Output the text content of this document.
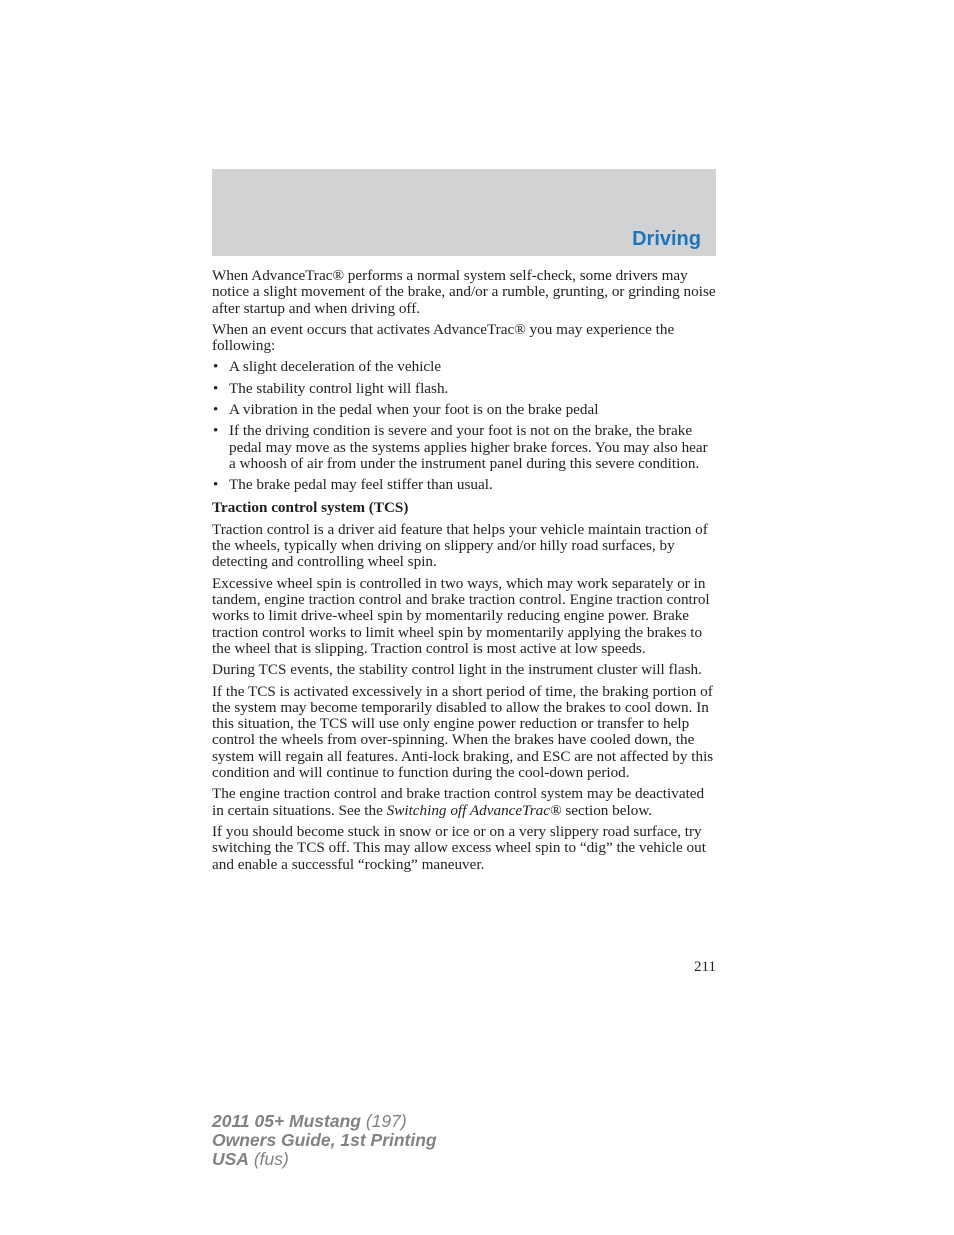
Driving

When AdvanceTrac® performs a normal system self-check, some drivers may notice a slight movement of the brake, and/or a rumble, grunting, or grinding noise after startup and when driving off.

When an event occurs that activates AdvanceTrac® you may experience the following:

• A slight deceleration of the vehicle
• The stability control light will flash.
• A vibration in the pedal when your foot is on the brake pedal
• If the driving condition is severe and your foot is not on the brake, the brake pedal may move as the systems applies higher brake forces. You may also hear a whoosh of air from under the instrument panel during this severe condition.
• The brake pedal may feel stiffer than usual.
Traction control system (TCS)

Traction control is a driver aid feature that helps your vehicle maintain traction of the wheels, typically when driving on slippery and/or hilly road surfaces, by detecting and controlling wheel spin.

Excessive wheel spin is controlled in two ways, which may work separately or in tandem, engine traction control and brake traction control. Engine traction control works to limit drive-wheel spin by momentarily reducing engine power. Brake traction control works to limit wheel spin by momentarily applying the brakes to the wheel that is slipping. Traction control is most active at low speeds.

During TCS events, the stability control light in the instrument cluster will flash.

If the TCS is activated excessively in a short period of time, the braking portion of the system may become temporarily disabled to allow the brakes to cool down. In this situation, the TCS will use only engine power reduction or transfer to help control the wheels from over-spinning. When the brakes have cooled down, the system will regain all features. Anti-lock braking, and ESC are not affected by this condition and will continue to function during the cool-down period.

The engine traction control and brake traction control system may be deactivated in certain situations. See the Switching off AdvanceTrac® section below.

If you should become stuck in snow or ice or on a very slippery road surface, try switching the TCS off. This may allow excess wheel spin to “dig” the vehicle out and enable a successful “rocking” maneuver.

211
2011 05+ Mustang (197)
Owners Guide, 1st Printing
USA (fus)
